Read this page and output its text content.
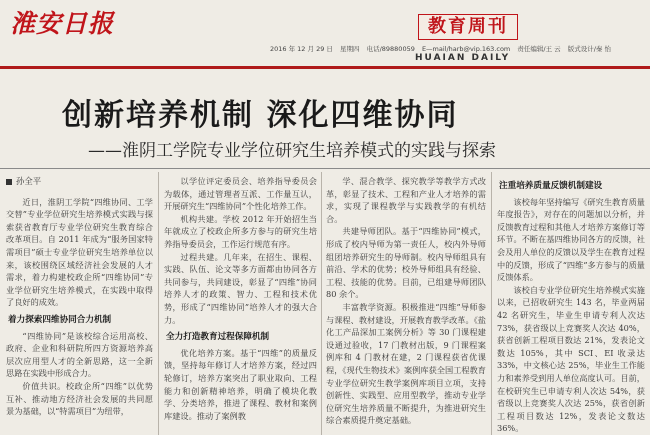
淮安日报	教育周刊
2016 年 12 月 29 日 星期四 电话/89880059 E—mail/harb@vip.163.com 责任编辑/王 云 版式设计/秦 怡
HUAIAN DAILY
创新培养机制 深化四维协同
——淮阴工学院专业学位研究生培养模式的实践与探索
孙全平

近日，淮阴工学院“四维协同、工学交替”专业学位研究生培养模式实践与探索获省教育厅专业学位研究生教育综合改革项目。自 2011 年成为“服务国家特需项目”硕士专业学位研究生培养单位以来，该校围绕区域经济社会发展的人才需求，着力构建校政企所“四维协同”专业学位研究生培养模式，在实践中取得了良好的成效。

着力探索四维协同合力机制

“四维协同”是该校综合运用高校、政府、企业和科研院所四方资源培养高层次应用型人才的全新思路，这一全新思路在实践中形成合力。

价值共识。校政企所“四维”以优势互补、推动地方经济社会发展的共同愿景为基础，以“特需项目”为纽带，

以学位评定委员会、培养指导委员会为载体，通过管理者互派、工作量互认，开展研究生“四维协同”个性化培养工作。

机构共建。学校 2012 年开始招生当年就成立了校政企所多方参与的研究生培养指导委员会，工作运行规范有序。

过程共建。几年来，在招生、课程、实践、队伍、论文等多方面都由协同各方共同参与，共同建设，彰显了“四维”协同培养人才的政策、智力、工程和技术优势，形成了“四维协同”培养人才的强大合力。

全力打造教育过程保障机制

优化培养方案。基于“四维”的质量反馈，坚持每年修订人才培养方案，经过四轮修订，培养方案突出了职业取向、工程能力和创新精神培养，明确了模块化教学、分类培养，推进了课程、教材和案例库建设。推动了案例教

学、混合教学、探究教学等教学方式改革，彰显了技术、工程和产业人才培养的需求，实现了课程教学与实践教学的有机结合。

共建导师团队。基于“四维协同”模式，形成了校内导师为第一责任人，校内外导师组团培养研究生的导师制。校内导师组具有前沿、学术的优势；校外导师组具有经验、工程、技能的优势。目前，已组建导师团队 80 余个。

丰富教学资源。积极推进“四维”导师参与课程、教材建设，开展教育教学改革。《盐化工产品深加工案例分析》等 30 门课程建设通过验收，17 门教材出版，9 门课程案例库和 4 门教材在建，2 门课程获省优课程，《现代生物技术》案例库获全国工程教育专业学位研究生教学案例库项目立项，支持创新性、实践型、应用型教学，推动专业学位研究生培养质量不断提升，为推进研究生综合素质提升奠定基础。

注重培养质量反馈机制建设

该校每年坚持编写《研究生教育质量年度报告》，对存在的问题加以分析，并反馈教育过程和其他人才培养方案修订等环节。不断在基四维协同各方的反馈，社会及用人单位的反馈以及学生在教育过程中的反馈，形成了“四维”多方参与的质量反馈体系。

该校自专业学位研究生培养模式实施以来，已招收研究生 143 名，毕业两届 42 名研究生，毕业生申请专利人次达 73%，获省级以上竞赛奖人次达 40%，获省创新工程项目数达 21%，发表论文数达 105%，其中 SCI、EI 收录达 33%，中文核心达 25%，毕业生工作能力和素养受到用人单位高度认可。目前，在校研究生已申请专利人次达 54%，获省级以上竞赛奖人次达 25%，获省创新工程项目数达 12%，发表论文数达 36%。
